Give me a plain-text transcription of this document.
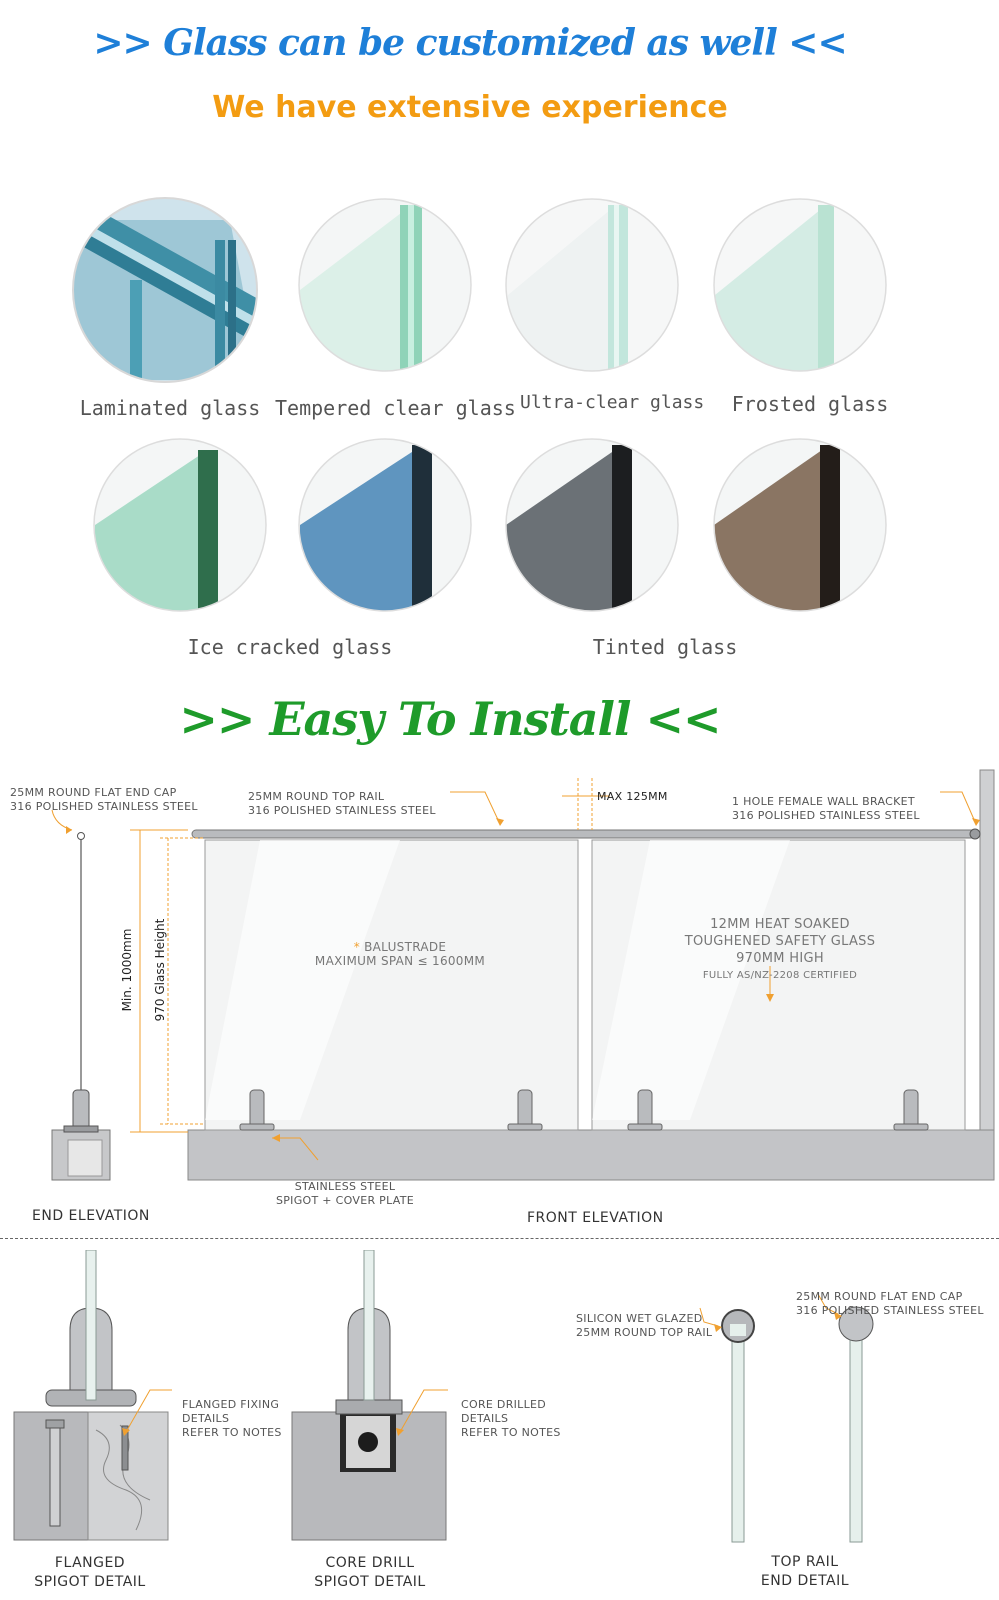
>> Glass can be customized as well <<
We have extensive experience
Laminated glass Tempered clear glass Ultra-clear glass	Frosted glass
Ice cracked glass	Tinted glass
>> Easy To Install <<
25MM ROUND FLAT END CAP
316 POLISHED STAINLESS STEEL
25MM ROUND TOP RAIL
316 POLISHED STAINLESS STEEL
MAX 125MM	1 HOLE FEMALE WALL BRACKET
316 POLISHED STAINLESS STEEL
Min. 1000mm 970 Glass Height	* BALUSTRADE
MAXIMUM SPAN ≤ 1600MM
12MM HEAT SOAKED
TOUGHENED SAFETY GLASS
970MM HIGH
FULLY AS/NZ-2208 CERTIFIED
STAINLESS STEEL
SPIGOT + COVER PLATE
END ELEVATION	FRONT ELEVATION
FLANGED FIXING
DETAILS
REFER TO NOTES
CORE DRILLED
DETAILS
REFER TO NOTES
SILICON WET GLAZED
25MM ROUND TOP RAIL
25MM ROUND FLAT END CAP
316 POLISHED STAINLESS STEEL
FLANGED
SPIGOT DETAIL
CORE DRILL
SPIGOT DETAIL
TOP RAIL
END DETAIL
